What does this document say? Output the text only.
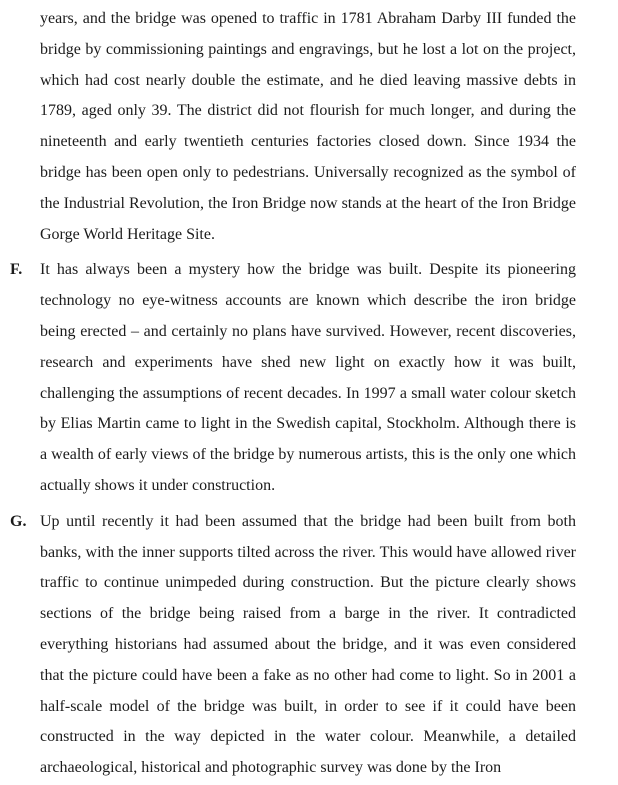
years, and the bridge was opened to traffic in 1781 Abraham Darby III funded the bridge by commissioning paintings and engravings, but he lost a lot on the project, which had cost nearly double the estimate, and he died leaving massive debts in 1789, aged only 39. The district did not flourish for much longer, and during the nineteenth and early twentieth centuries factories closed down. Since 1934 the bridge has been open only to pedestrians. Universally recognized as the symbol of the Industrial Revolution, the Iron Bridge now stands at the heart of the Iron Bridge Gorge World Heritage Site.
F. It has always been a mystery how the bridge was built. Despite its pioneering technology no eye-witness accounts are known which describe the iron bridge being erected – and certainly no plans have survived. However, recent discoveries, research and experiments have shed new light on exactly how it was built, challenging the assumptions of recent decades. In 1997 a small water colour sketch by Elias Martin came to light in the Swedish capital, Stockholm. Although there is a wealth of early views of the bridge by numerous artists, this is the only one which actually shows it under construction.
G. Up until recently it had been assumed that the bridge had been built from both banks, with the inner supports tilted across the river. This would have allowed river traffic to continue unimpeded during construction. But the picture clearly shows sections of the bridge being raised from a barge in the river. It contradicted everything historians had assumed about the bridge, and it was even considered that the picture could have been a fake as no other had come to light. So in 2001 a half-scale model of the bridge was built, in order to see if it could have been constructed in the way depicted in the water colour. Meanwhile, a detailed archaeological, historical and photographic survey was done by the Iron
